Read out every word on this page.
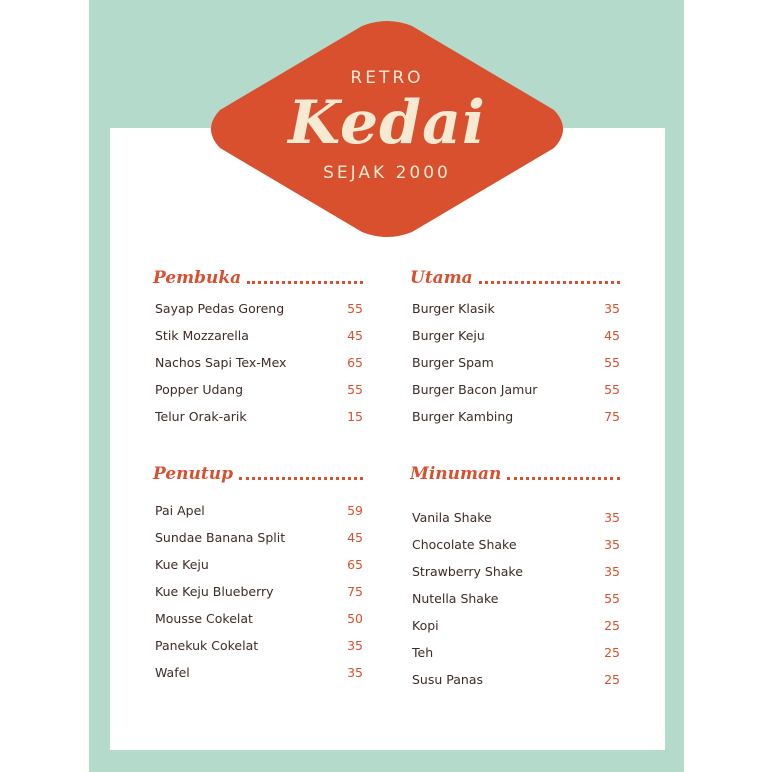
RETRO
Kedai
SEJAK 2000
Pembuka
Sayap Pedas Goreng	55
Stik Mozzarella	45
Nachos Sapi Tex-Mex	65
Popper Udang	55
Telur Orak-arik	15
Utama
Burger Klasik	35
Burger Keju	45
Burger Spam	55
Burger Bacon Jamur	55
Burger Kambing	75
Penutup
Pai Apel	59
Sundae Banana Split	45
Kue Keju	65
Kue Keju Blueberry	75
Mousse Cokelat	50
Panekuk Cokelat	35
Wafel	35
Minuman
Vanila Shake	35
Chocolate Shake	35
Strawberry Shake	35
Nutella Shake	55
Kopi	25
Teh	25
Susu Panas	25
